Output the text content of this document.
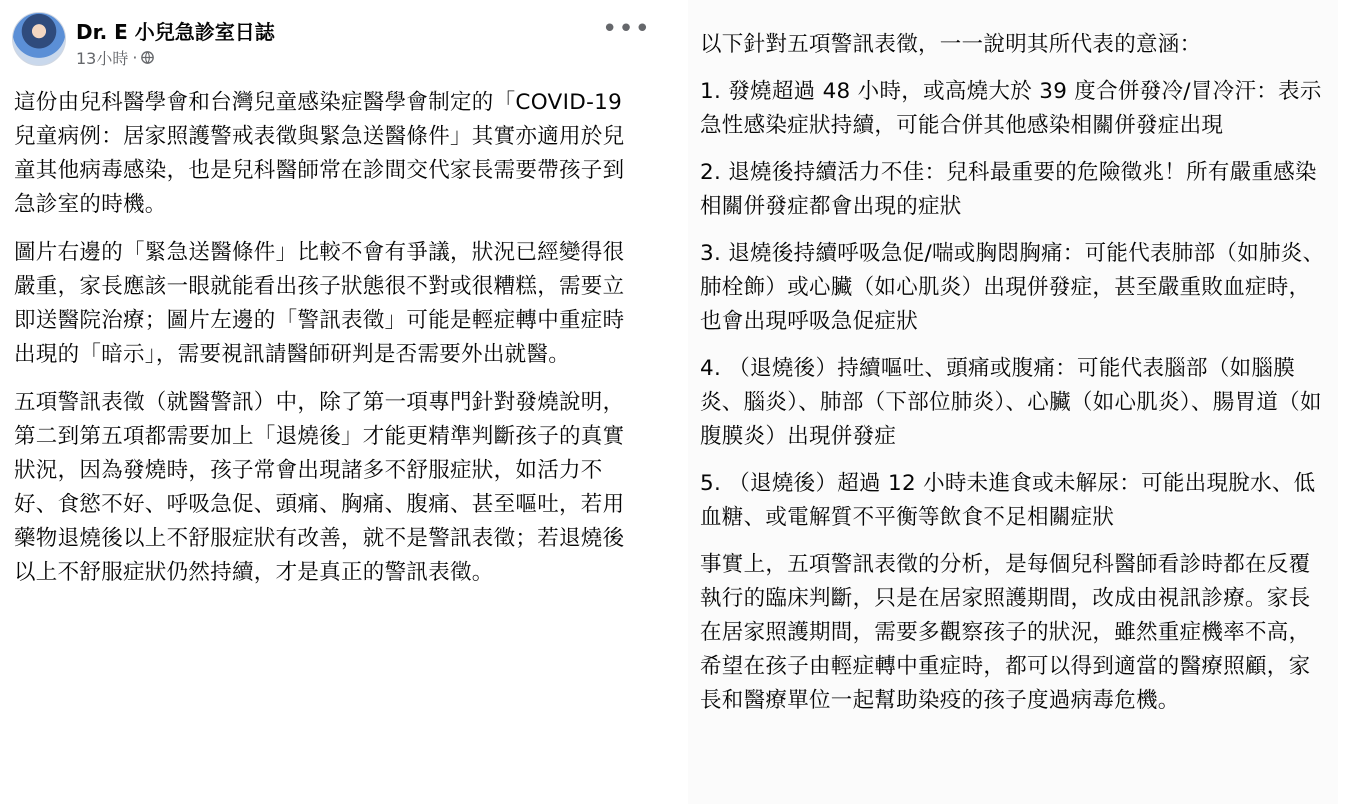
Dr. E 小兒急診室日誌
13小時 ·
•••

這份由兒科醫學會和台灣兒童感染症醫學會制定的「COVID-19 兒童病例：居家照護警戒表徵與緊急送醫條件」其實亦適用於兒童其他病毒感染，也是兒科醫師常在診間交代家長需要帶孩子到急診室的時機。

圖片右邊的「緊急送醫條件」比較不會有爭議，狀況已經變得很嚴重，家長應該一眼就能看出孩子狀態很不對或很糟糕，需要立即送醫院治療；圖片左邊的「警訊表徵」可能是輕症轉中重症時出現的「暗示」，需要視訊請醫師研判是否需要外出就醫。

五項警訊表徵（就醫警訊）中，除了第一項專門針對發燒說明，第二到第五項都需要加上「退燒後」才能更精準判斷孩子的真實狀況，因為發燒時，孩子常會出現諸多不舒服症狀，如活力不好、食慾不好、呼吸急促、頭痛、胸痛、腹痛、甚至嘔吐，若用藥物退燒後以上不舒服症狀有改善，就不是警訊表徵；若退燒後以上不舒服症狀仍然持續，才是真正的警訊表徵。

以下針對五項警訊表徵，一一說明其所代表的意涵：

1. 發燒超過 48 小時，或高燒大於 39 度合併發冷/冒冷汗：表示急性感染症狀持續，可能合併其他感染相關併發症出現

2. 退燒後持續活力不佳：兒科最重要的危險徵兆！所有嚴重感染相關併發症都會出現的症狀

3. 退燒後持續呼吸急促/喘或胸悶胸痛：可能代表肺部（如肺炎、肺栓飾）或心臟（如心肌炎）出現併發症，甚至嚴重敗血症時，也會出現呼吸急促症狀

4. （退燒後）持續嘔吐、頭痛或腹痛：可能代表腦部（如腦膜炎、腦炎）、肺部（下部位肺炎）、心臟（如心肌炎）、腸胃道（如腹膜炎）出現併發症

5. （退燒後）超過 12 小時未進食或未解尿：可能出現脫水、低血糖、或電解質不平衡等飲食不足相關症狀

事實上，五項警訊表徵的分析，是每個兒科醫師看診時都在反覆執行的臨床判斷，只是在居家照護期間，改成由視訊診療。家長在居家照護期間，需要多觀察孩子的狀況，雖然重症機率不高，希望在孩子由輕症轉中重症時，都可以得到適當的醫療照顧，家長和醫療單位一起幫助染疫的孩子度過病毒危機。
